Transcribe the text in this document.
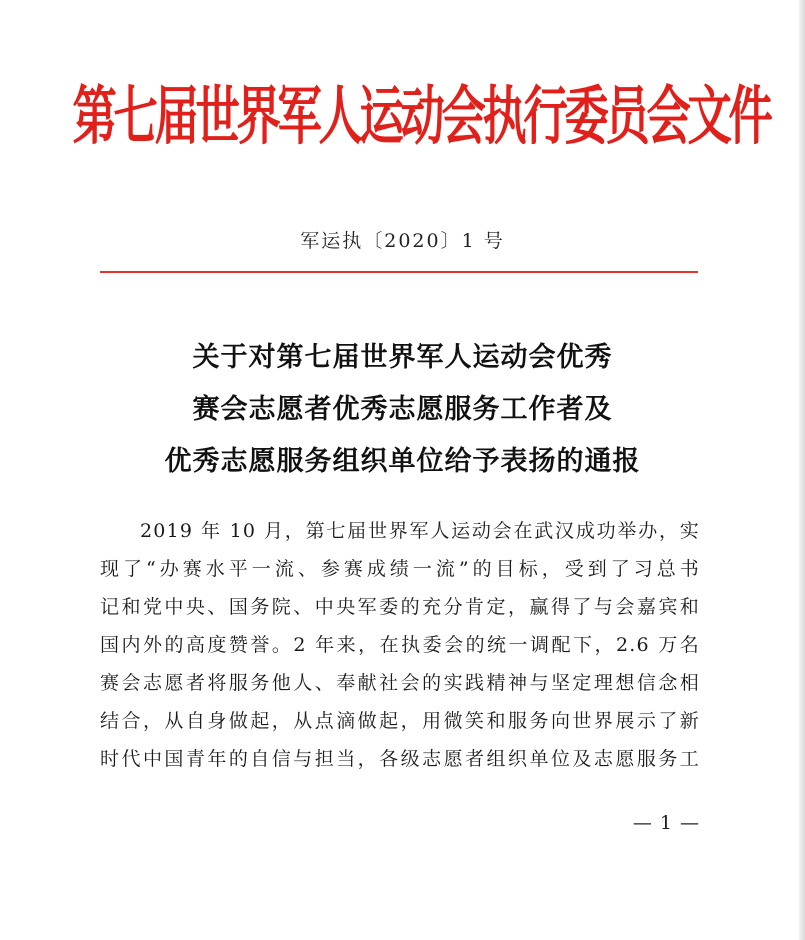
第七届世界军人运动会执行委员会文件
军运执〔2020〕1 号
关于对第七届世界军人运动会优秀
赛会志愿者优秀志愿服务工作者及
优秀志愿服务组织单位给予表扬的通报
2019 年 10 月，第七届世界军人运动会在武汉成功举办，实
现了“办赛水平一流、参赛成绩一流”的目标，受到了习总书
记和党中央、国务院、中央军委的充分肯定，赢得了与会嘉宾和
国内外的高度赞誉。2 年来，在执委会的统一调配下，2.6 万名
赛会志愿者将服务他人、奉献社会的实践精神与坚定理想信念相
结合，从自身做起，从点滴做起，用微笑和服务向世界展示了新
时代中国青年的自信与担当，各级志愿者组织单位及志愿服务工
— 1 —
